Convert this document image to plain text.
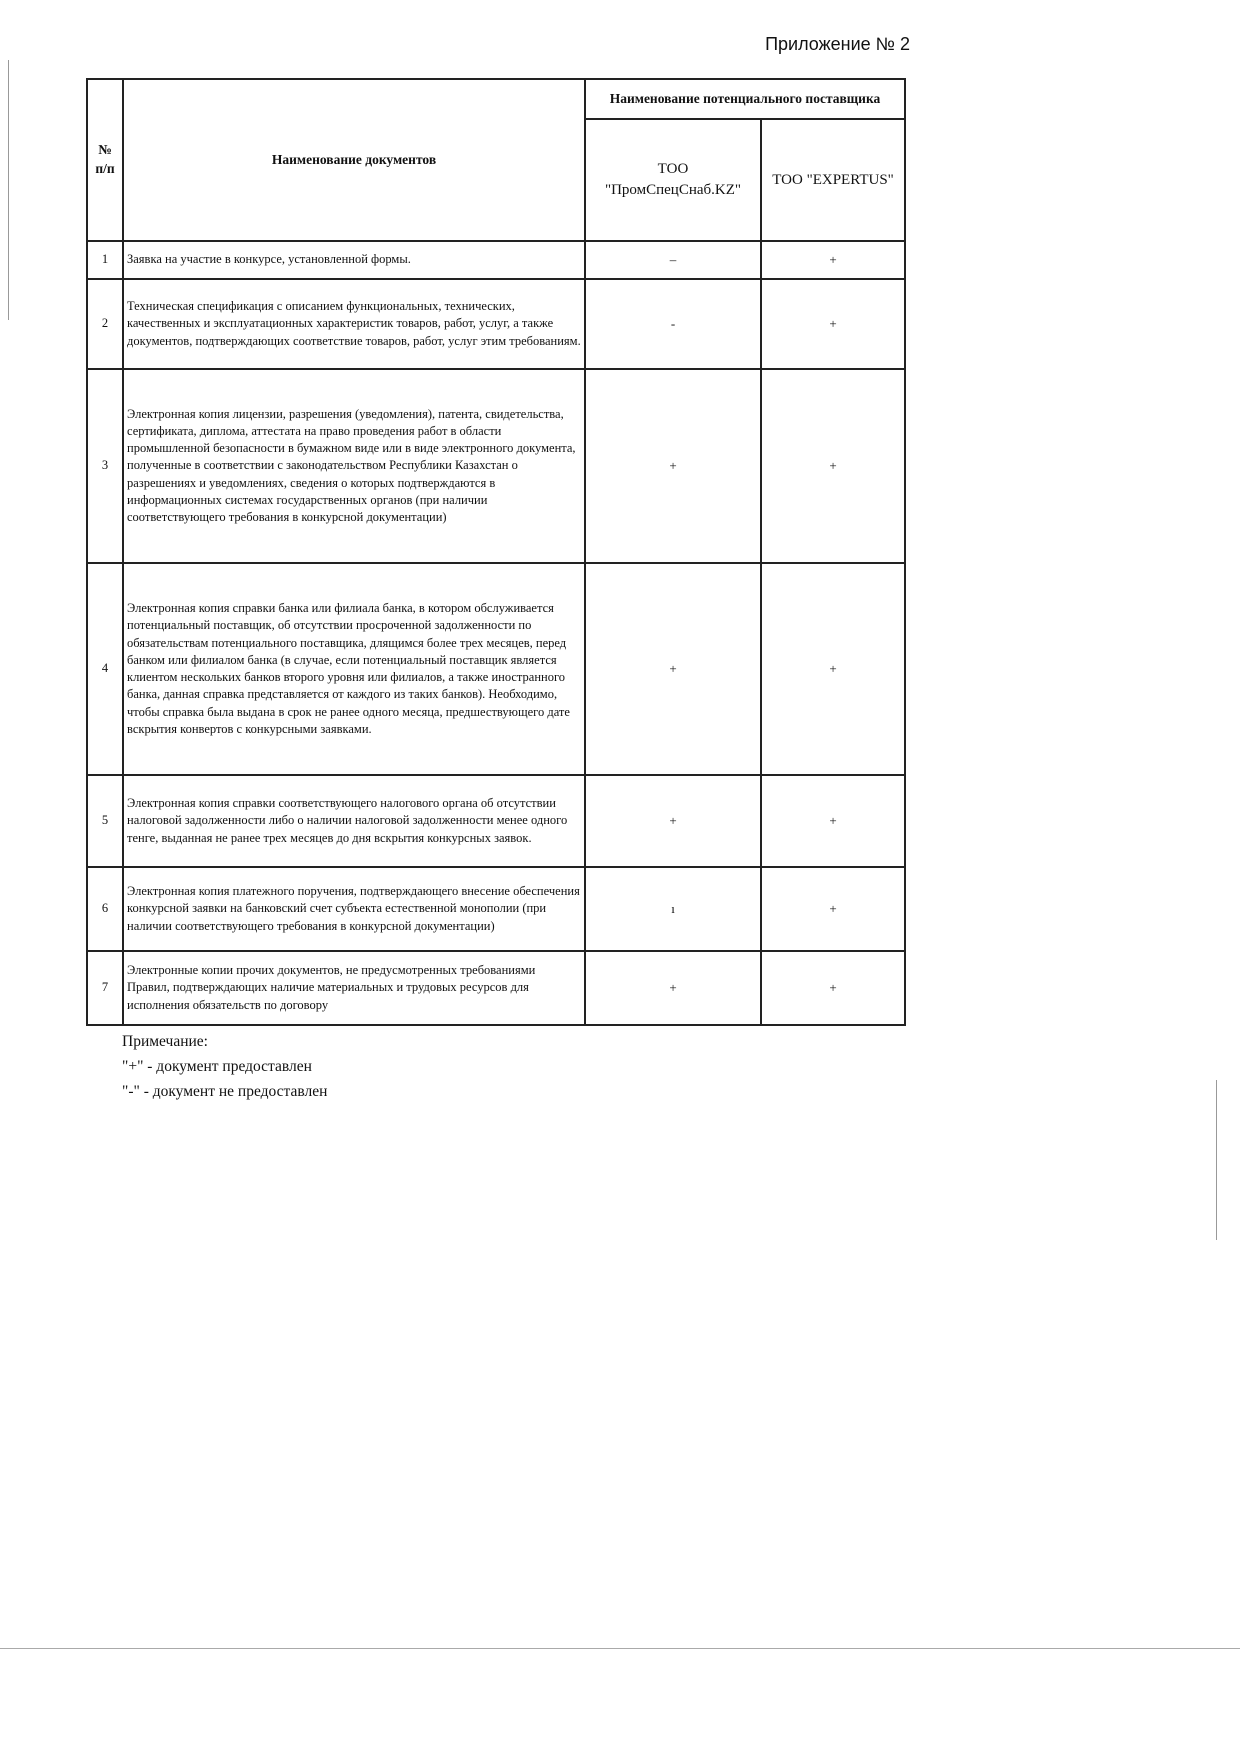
Приложение № 2
№ п/п	Наименование документов	Наименование потенциального поставщика	
		ТОО "ПромСпецСнаб.KZ"	ТОО "EXPERTUS"
1	Заявка на участие в конкурсе, установленной формы.	–	+
2	Техническая спецификация с описанием функциональных, технических, качественных и эксплуатационных характеристик товаров, работ, услуг, а также документов, подтверждающих соответствие товаров, работ, услуг этим требованиям.	-	+
3	Электронная копия лицензии, разрешения (уведомления), патента, свидетельства, сертификата, диплома, аттестата на право проведения работ в области промышленной безопасности в бумажном виде или в виде электронного документа, полученные в соответствии с законодательством Республики Казахстан о разрешениях и уведомлениях, сведения о которых подтверждаются в информационных системах государственных органов (при наличии соответствующего требования в конкурсной документации)	+	+
4	Электронная копия справки банка или филиала банка, в котором обслуживается потенциальный поставщик, об отсутствии просроченной задолженности по обязательствам потенциального поставщика, длящимся более трех месяцев, перед банком или филиалом банка (в случае, если потенциальный поставщик является клиентом нескольких банков второго уровня или филиалов, а также иностранного банка, данная справка представляется от каждого из таких банков). Необходимо, чтобы справка была выдана в срок не ранее одного месяца, предшествующего дате вскрытия конвертов с конкурсными заявками.	+	+
5	Электронная копия справки соответствующего налогового органа об отсутствии налоговой задолженности либо о наличии налоговой задолженности менее одного тенге, выданная не ранее трех месяцев до дня вскрытия конкурсных заявок.	+	+
6	Электронная копия платежного поручения, подтверждающего внесение обеспечения конкурсной заявки на банковский счет субъекта естественной монополии (при наличии соответствующего требования в конкурсной документации)	ı	+
7	Электронные копии прочих документов, не предусмотренных требованиями Правил, подтверждающих наличие материальных и трудовых ресурсов для исполнения обязательств по договору	+	+
Примечание:
"+" - документ предоставлен
"-" - документ не предоставлен
